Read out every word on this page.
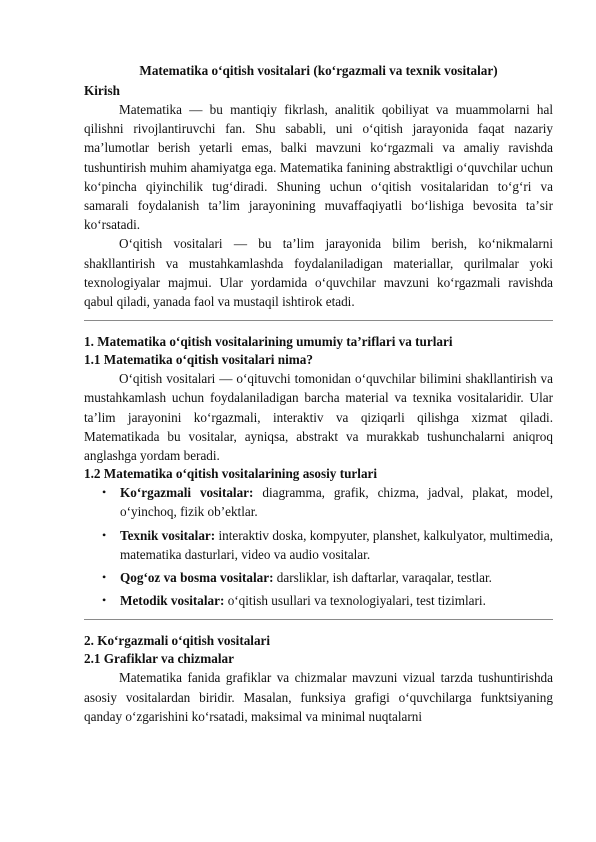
Matematika oʻqitish vositalari (koʻrgazmali va texnik vositalar)
Kirish

Matematika — bu mantiqiy fikrlash, analitik qobiliyat va muammolarni hal qilishni rivojlantiruvchi fan. Shu sababli, uni oʻqitish jarayonida faqat nazariy maʼlumotlar berish yetarli emas, balki mavzuni koʻrgazmali va amaliy ravishda tushuntirish muhim ahamiyatga ega. Matematika fanining abstraktligi oʻquvchilar uchun koʻpincha qiyinchilik tugʻdiradi. Shuning uchun oʻqitish vositalaridan toʻgʻri va samarali foydalanish taʼlim jarayonining muvaffaqiyatli boʻlishiga bevosita taʼsir koʻrsatadi.

Oʻqitish vositalari — bu taʼlim jarayonida bilim berish, koʻnikmalarni shakllantirish va mustahkamlashda foydalaniladigan materiallar, qurilmalar yoki texnologiyalar majmui. Ular yordamida oʻquvchilar mavzuni koʻrgazmali ravishda qabul qiladi, yanada faol va mustaqil ishtirok etadi.

1. Matematika oʻqitish vositalarining umumiy taʼriflari va turlari
1.1 Matematika oʻqitish vositalari nima?

Oʻqitish vositalari — oʻqituvchi tomonidan oʻquvchilar bilimini shakllantirish va mustahkamlash uchun foydalaniladigan barcha material va texnika vositalaridir. Ular taʼlim jarayonini koʻrgazmali, interaktiv va qiziqarli qilishga xizmat qiladi. Matematikada bu vositalar, ayniqsa, abstrakt va murakkab tushunchalarni aniqroq anglashga yordam beradi.

1.2 Matematika oʻqitish vositalarining asosiy turlari
• Koʻrgazmali vositalar: diagramma, grafik, chizma, jadval, plakat, model, oʻyinchoq, fizik obʼektlar.
• Texnik vositalar: interaktiv doska, kompyuter, planshet, kalkulyator, multimedia, matematika dasturlari, video va audio vositalar.
• Qogʻoz va bosma vositalar: darsliklar, ish daftarlar, varaqalar, testlar.
• Metodik vositalar: oʻqitish usullari va texnologiyalari, test tizimlari.
2. Koʻrgazmali oʻqitish vositalari
2.1 Grafiklar va chizmalar

Matematika fanida grafiklar va chizmalar mavzuni vizual tarzda tushuntirishda asosiy vositalardan biridir. Masalan, funksiya grafigi oʻquvchilarga funktsiyaning qanday oʻzgarishini koʻrsatadi, maksimal va minimal nuqtalarni
